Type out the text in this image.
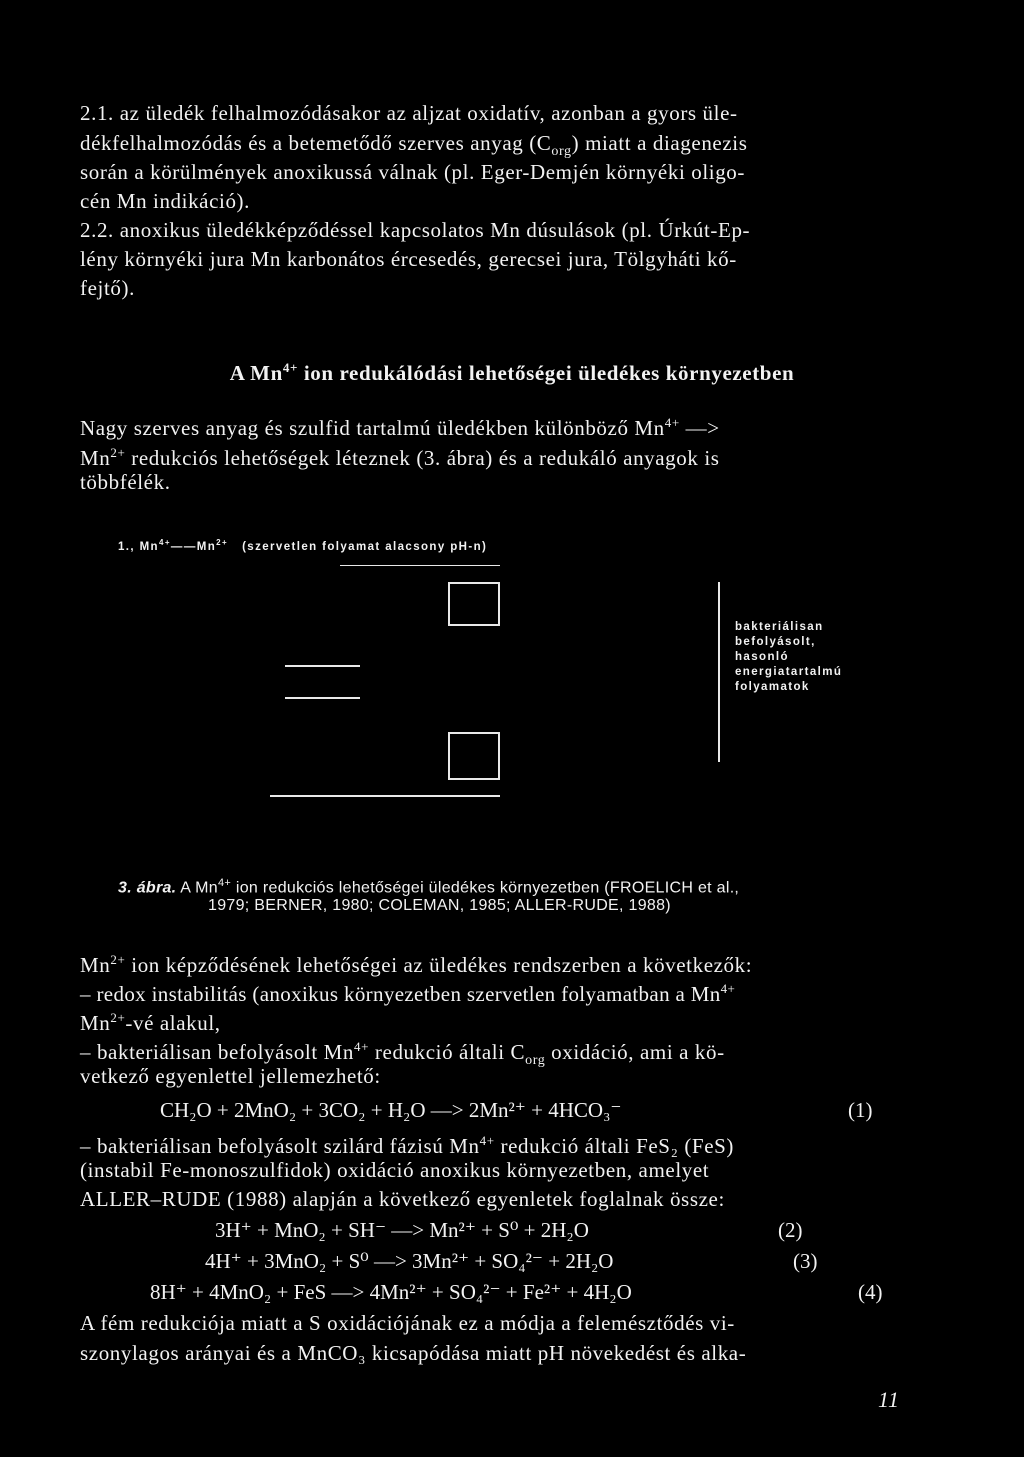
2.1. az üledék felhalmozódásakor az aljzat oxidatív, azonban a gyors üle-
dékfelhalmozódás és a betemetődő szerves anyag $(C_{org})$ miatt a diagenezis
során a körülmények anoxikussá válnak (pl. Eger-Demjén környéki oligo-
cén Mn indikáció).
2.2. anoxikus üledékképződéssel kapcsolatos Mn dúsulások (pl. Úrkút-Ep-
lény környéki jura Mn karbonátos ércesedés, gerecsei jura, Tölgyháti kő-
fejtő).
A $Mn^{4+}$ ion redukálódási lehetőségei üledékes környezetben
Nagy szerves anyag és szulfid tartalmú üledékben különböző $Mn^{4+}$ —>
$Mn^{2+}$ redukciós lehetőségek léteznek (3. ábra) és a redukáló anyagok is
többfélék.
1., $Mn^{4+}——Mn^{2+}$ (szervetlen folyamat alacsony pH-n)
bakteriálisan
befolyásolt,
hasonló
energiatartalmú
folyamatok
3. ábra. A $Mn^{4+}$ ion redukciós lehetőségei üledékes környezetben (FROELICH et al.,
1979; BERNER, 1980; COLEMAN, 1985; ALLER-RUDE, 1988)
$Mn^{2+}$ ion képződésének lehetőségei az üledékes rendszerben a következők:
– redox instabilitás (anoxikus környezetben szervetlen folyamatban a $Mn^{4+}$
$Mn^{2+}-vé$ alakul,
– bakteriálisan befolyásolt $Mn^{4+}$ redukció általi $C_{org}$ oxidáció, ami a kö-
vetkező egyenlettel jellemezhető:
CH₂O + 2MnO₂ + 3CO₂ + H₂O —> 2Mn²⁺ + 4HCO₃⁻	(1)
– bakteriálisan befolyásolt szilárd fázisú $Mn^{4+}$ redukció általi FeS₂ (FeS)
(instabil Fe-monoszulfidok) oxidáció anoxikus környezetben, amelyet
ALLER–RUDE (1988) alapján a következő egyenletek foglalnak össze:
3H⁺ + MnO₂ + SH⁻ —> Mn²⁺ + S⁰ + 2H₂O	(2)
4H⁺ + 3MnO₂ + S⁰ —> 3Mn²⁺ + SO₄²⁻ + 2H₂O	(3)
8H⁺ + 4MnO₂ + FeS —> 4Mn²⁺ + SO₄²⁻ + Fe²⁺ + 4H₂O	(4)
A fém redukciója miatt a S oxidációjának ez a módja a felemésztődés vi-
szonylagos arányai és a MnCO₃ kicsapódása miatt pH növekedést és alka-
11
